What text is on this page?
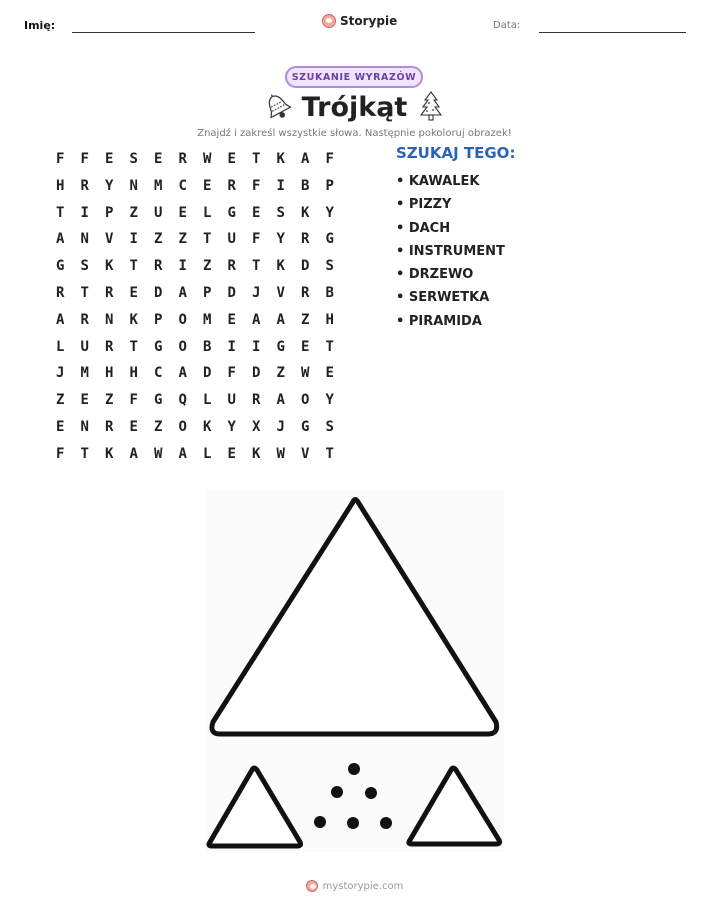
Imię:	Storypie	Data:
SZUKANIE WYRAZÓW
Trójkąt
Znajdź i zakreśl wszystkie słowa. Następnie pokoloruj obrazek!
F	F	E	S	E	R	W	E	T	K	A	F
H	R	Y	N	M	C	E	R	F	I	B	P
T	I	P	Z	U	E	L	G	E	S	K	Y
A	N	V	I	Z	Z	T	U	F	Y	R	G
G	S	K	T	R	I	Z	R	T	K	D	S
R	T	R	E	D	A	P	D	J	V	R	B
A	R	N	K	P	O	M	E	A	A	Z	H
L	U	R	T	G	O	B	I	I	G	E	T
J	M	H	H	C	A	D	F	D	Z	W	E
Z	E	Z	F	G	Q	L	U	R	A	O	Y
E	N	R	E	Z	O	K	Y	X	J	G	S
F	T	K	A	W	A	L	E	K	W	V	T
SZUKAJ TEGO:
• KAWALEK
• PIZZY
• DACH
• INSTRUMENT
• DRZEWO
• SERWETKA
• PIRAMIDA
mystorypie.com
